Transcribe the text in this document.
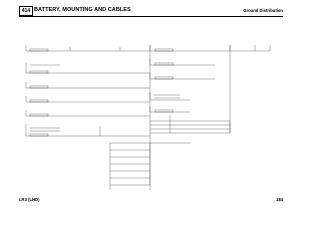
414 BATTERY, MOUNTING AND CABLES	Ground Distribution
LR3 (LHD)	184
